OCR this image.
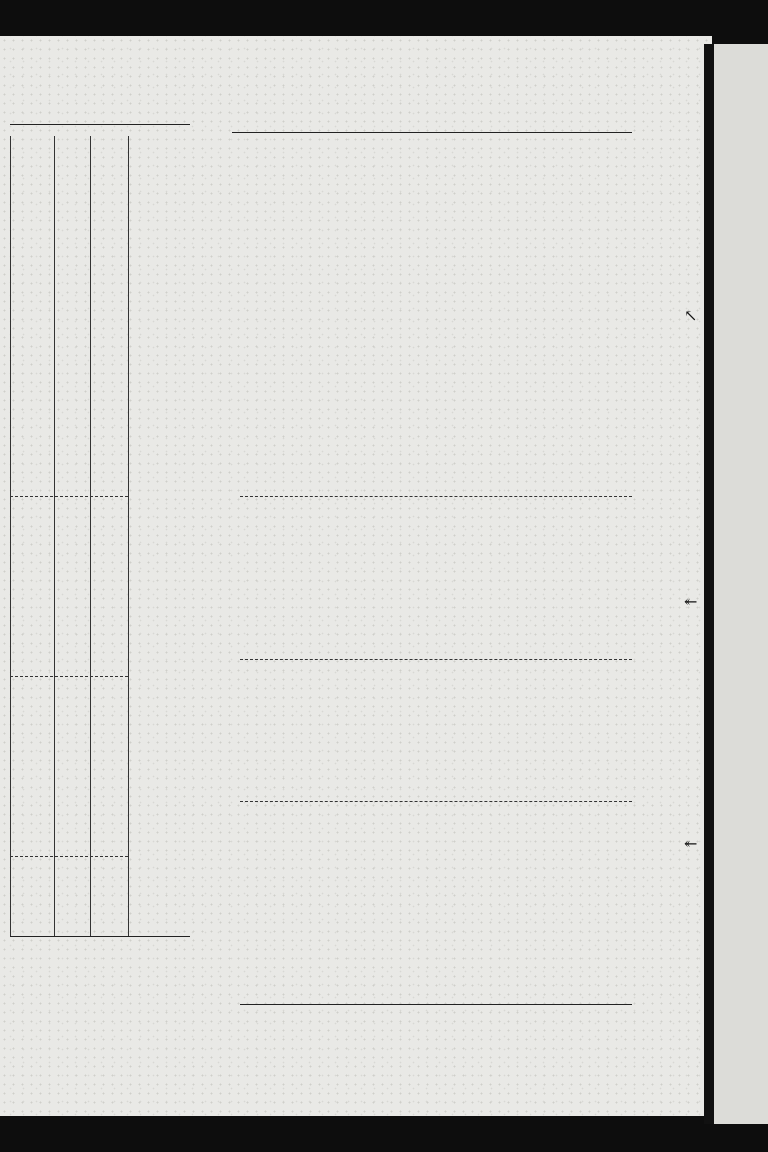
↖
↞
↞
